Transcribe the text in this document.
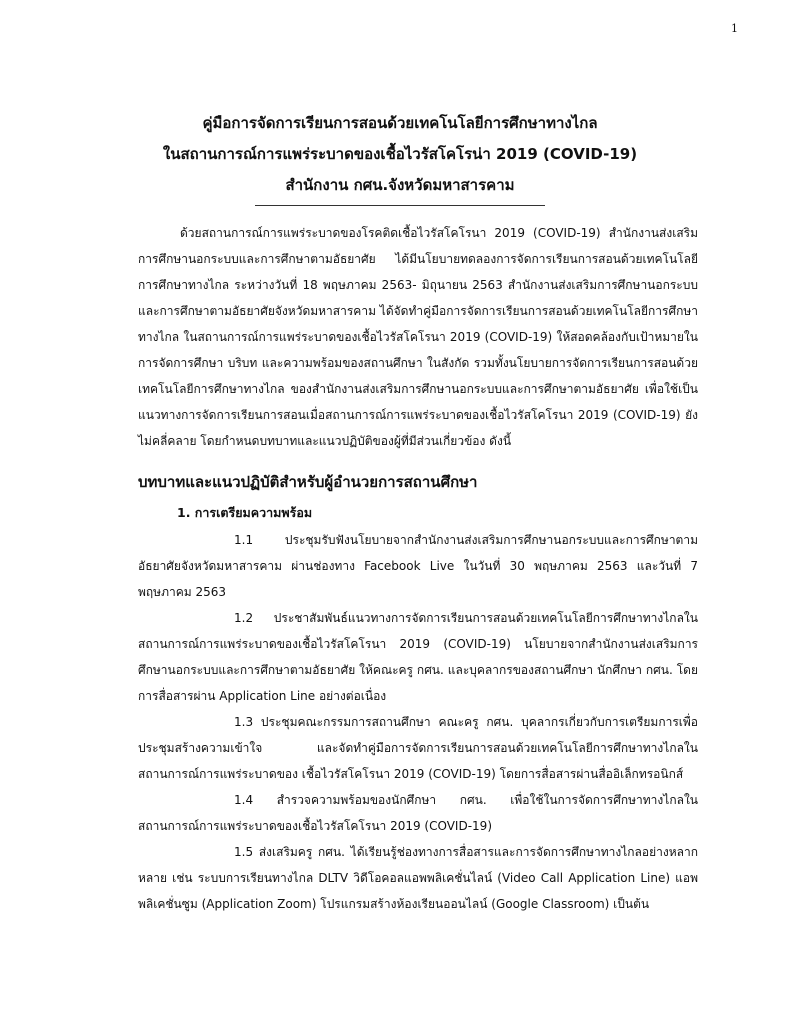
1
คู่มือการจัดการเรียนการสอนด้วยเทคโนโลยีการศึกษาทางไกล
ในสถานการณ์การแพร่ระบาดของเชื้อไวรัสโคโรน่า 2019 (COVID-19)
สำนักงาน กศน.จังหวัดมหาสารคาม

ด้วยสถานการณ์การแพร่ระบาดของโรคติดเชื้อไวรัสโคโรนา 2019 (COVID-19) สำนักงานส่งเสริมการศึกษานอกระบบและการศึกษาตามอัธยาศัย ได้มีนโยบายทดลองการจัดการเรียนการสอนด้วยเทคโนโลยีการศึกษาทางไกล ระหว่างวันที่ 18 พฤษภาคม 2563- มิถุนายน 2563 สำนักงานส่งเสริมการศึกษานอกระบบและการศึกษาตามอัธยาศัยจังหวัดมหาสารคาม ได้จัดทำคู่มือการจัดการเรียนการสอนด้วยเทคโนโลยีการศึกษาทางไกล ในสถานการณ์การแพร่ระบาดของเชื้อไวรัสโคโรนา 2019 (COVID-19) ให้สอดคล้องกับเป้าหมายในการจัดการศึกษา บริบท และความพร้อมของสถานศึกษา ในสังกัด รวมทั้งนโยบายการจัดการเรียนการสอนด้วยเทคโนโลยีการศึกษาทางไกล ของสำนักงานส่งเสริมการศึกษานอกระบบและการศึกษาตามอัธยาศัย เพื่อใช้เป็นแนวทางการจัดการเรียนการสอนเมื่อสถานการณ์การแพร่ระบาดของเชื้อไวรัสโคโรนา 2019 (COVID-19) ยังไม่คลี่คลาย โดยกำหนดบทบาทและแนวปฏิบัติของผู้ที่มีส่วนเกี่ยวข้อง ดังนี้

บทบาทและแนวปฏิบัติสำหรับผู้อำนวยการสถานศึกษา
1. การเตรียมความพร้อม

1.1 ประชุมรับฟังนโยบายจากสำนักงานส่งเสริมการศึกษานอกระบบและการศึกษาตามอัธยาศัยจังหวัดมหาสารคาม ผ่านช่องทาง Facebook Live ในวันที่ 30 พฤษภาคม 2563 และวันที่ 7 พฤษภาคม 2563

1.2 ประชาสัมพันธ์แนวทางการจัดการเรียนการสอนด้วยเทคโนโลยีการศึกษาทางไกลในสถานการณ์การแพร่ระบาดของเชื้อไวรัสโคโรนา 2019 (COVID-19) นโยบายจากสำนักงานส่งเสริมการศึกษานอกระบบและการศึกษาตามอัธยาศัย ให้คณะครู กศน. และบุคลากรของสถานศึกษา นักศึกษา กศน. โดยการสื่อสารผ่าน Application Line อย่างต่อเนื่อง

1.3 ประชุมคณะกรรมการสถานศึกษา คณะครู กศน. บุคลากรเกี่ยวกับการเตรียมการเพื่อประชุมสร้างความเข้าใจ และจัดทำคู่มือการจัดการเรียนการสอนด้วยเทคโนโลยีการศึกษาทางไกลในสถานการณ์การแพร่ระบาดของ เชื้อไวรัสโคโรนา 2019 (COVID-19) โดยการสื่อสารผ่านสื่ออิเล็กทรอนิกส์

1.4 สำรวจความพร้อมของนักศึกษา กศน. เพื่อใช้ในการจัดการศึกษาทางไกลในสถานการณ์การแพร่ระบาดของเชื้อไวรัสโคโรนา 2019 (COVID-19)

1.5 ส่งเสริมครู กศน. ได้เรียนรู้ช่องทางการสื่อสารและการจัดการศึกษาทางไกลอย่างหลากหลาย เช่น ระบบการเรียนทางไกล DLTV วิดีโอคอลแอพพลิเคชั่นไลน์ (Video Call Application Line) แอพพลิเคชั่นซูม (Application Zoom) โปรแกรมสร้างห้องเรียนออนไลน์ (Google Classroom) เป็นต้น
